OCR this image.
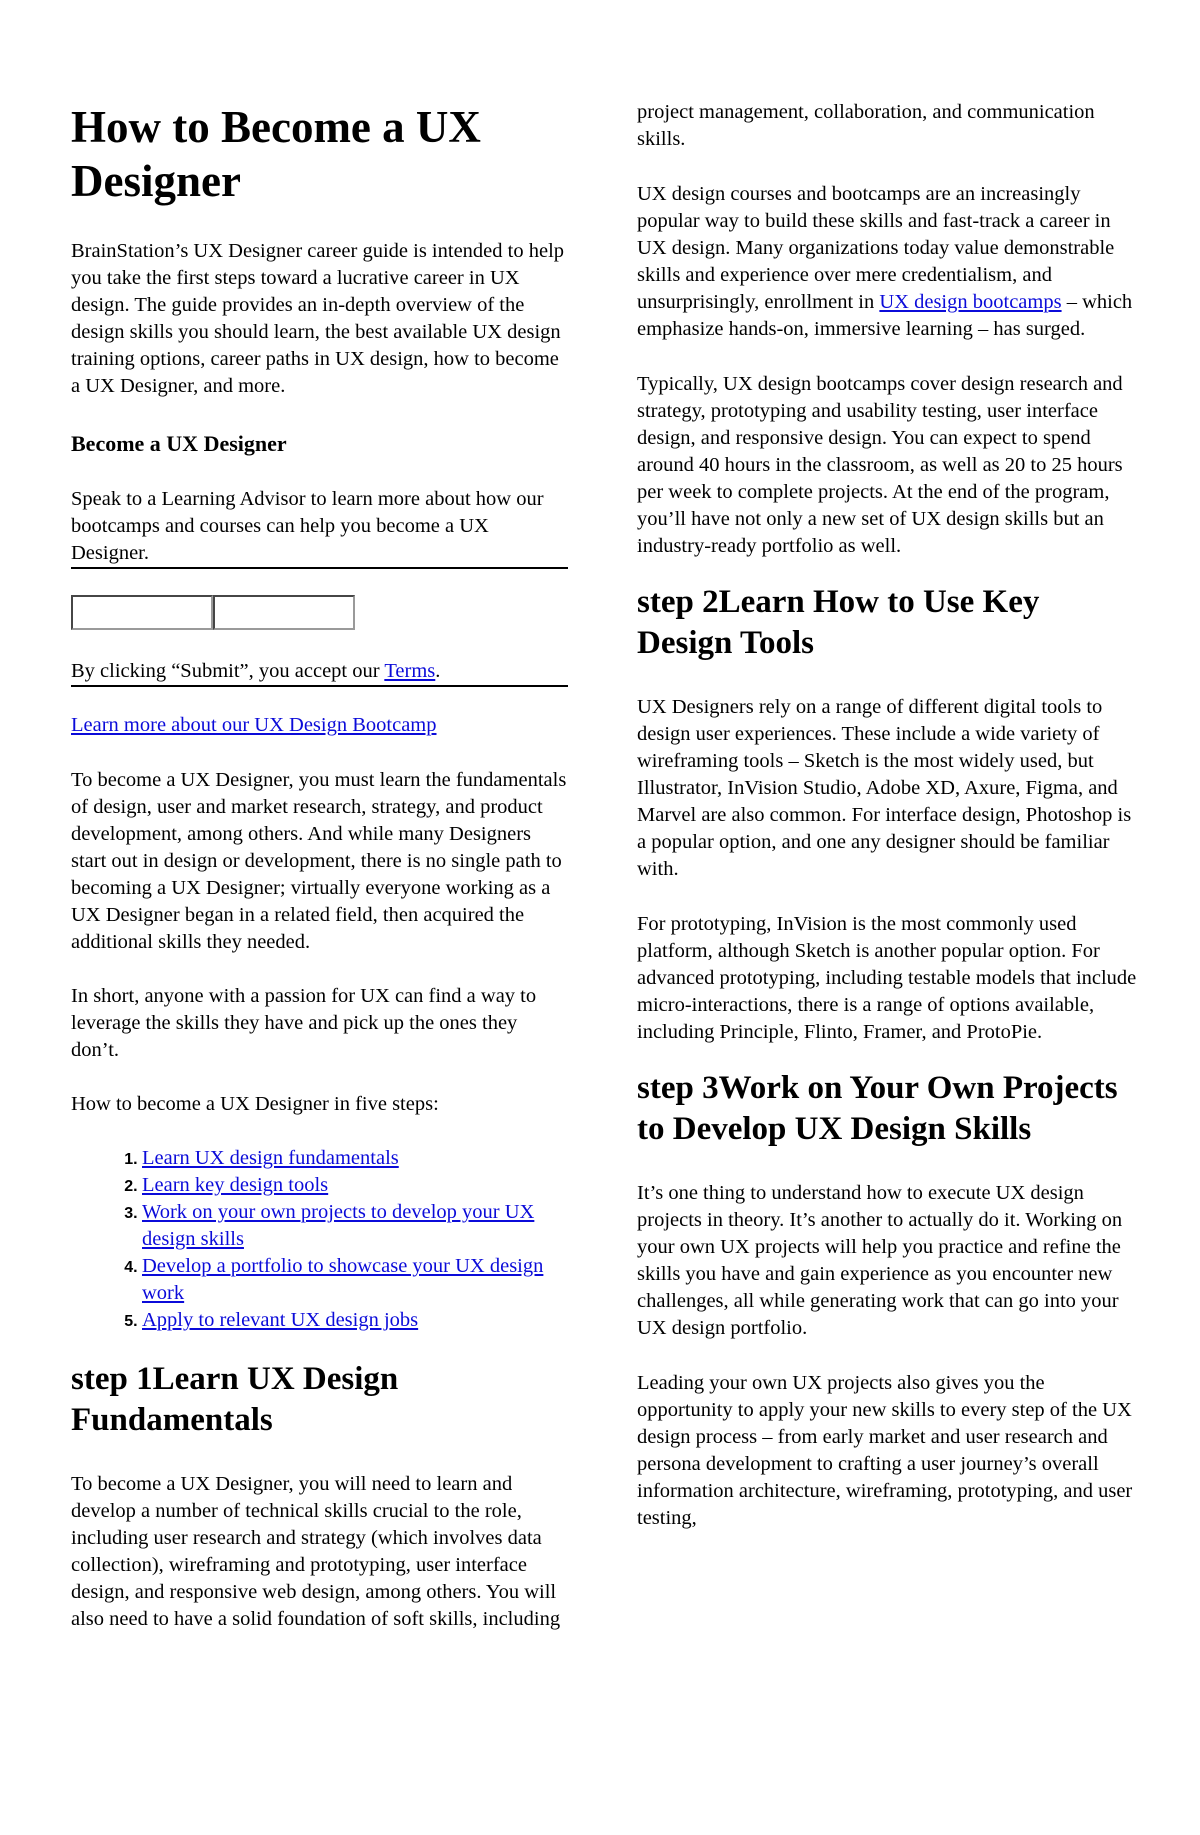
How to Become a UX Designer

BrainStation’s UX Designer career guide is intended to help you take the first steps toward a lucrative career in UX design. The guide provides an in-depth overview of the design skills you should learn, the best available UX design training options, career paths in UX design, how to become a UX Designer, and more.

Become a UX Designer

Speak to a Learning Advisor to learn more about how our bootcamps and courses can help you become a UX Designer.

By clicking “Submit”, you accept our Terms.

Learn more about our UX Design Bootcamp

To become a UX Designer, you must learn the fundamentals of design, user and market research, strategy, and product development, among others. And while many Designers start out in design or development, there is no single path to becoming a UX Designer; virtually everyone working as a UX Designer began in a related field, then acquired the additional skills they needed.

In short, anyone with a passion for UX can find a way to leverage the skills they have and pick up the ones they don’t.

How to become a UX Designer in five steps:

1. Learn UX design fundamentals
2. Learn key design tools
3. Work on your own projects to develop your UX design skills
4. Develop a portfolio to showcase your UX design work
5. Apply to relevant UX design jobs
step 1Learn UX Design Fundamentals

To become a UX Designer, you will need to learn and develop a number of technical skills crucial to the role, including user research and strategy (which involves data collection), wireframing and prototyping, user interface design, and responsive web design, among others. You will also need to have a solid foundation of soft skills, including

project management, collaboration, and communication skills.

UX design courses and bootcamps are an increasingly popular way to build these skills and fast-track a career in UX design. Many organizations today value demonstrable skills and experience over mere credentialism, and unsurprisingly, enrollment in UX design bootcamps – which emphasize hands-on, immersive learning – has surged.

Typically, UX design bootcamps cover design research and strategy, prototyping and usability testing, user interface design, and responsive design. You can expect to spend around 40 hours in the classroom, as well as 20 to 25 hours per week to complete projects. At the end of the program, you’ll have not only a new set of UX design skills but an industry-ready portfolio as well.

step 2Learn How to Use Key Design Tools

UX Designers rely on a range of different digital tools to design user experiences. These include a wide variety of wireframing tools – Sketch is the most widely used, but Illustrator, InVision Studio, Adobe XD, Axure, Figma, and Marvel are also common. For interface design, Photoshop is a popular option, and one any designer should be familiar with.

For prototyping, InVision is the most commonly used platform, although Sketch is another popular option. For advanced prototyping, including testable models that include micro-interactions, there is a range of options available, including Principle, Flinto, Framer, and ProtoPie.

step 3Work on Your Own Projects to Develop UX Design Skills

It’s one thing to understand how to execute UX design projects in theory. It’s another to actually do it. Working on your own UX projects will help you practice and refine the skills you have and gain experience as you encounter new challenges, all while generating work that can go into your UX design portfolio.

Leading your own UX projects also gives you the opportunity to apply your new skills to every step of the UX design process – from early market and user research and persona development to crafting a user journey’s overall information architecture, wireframing, prototyping, and user testing,
